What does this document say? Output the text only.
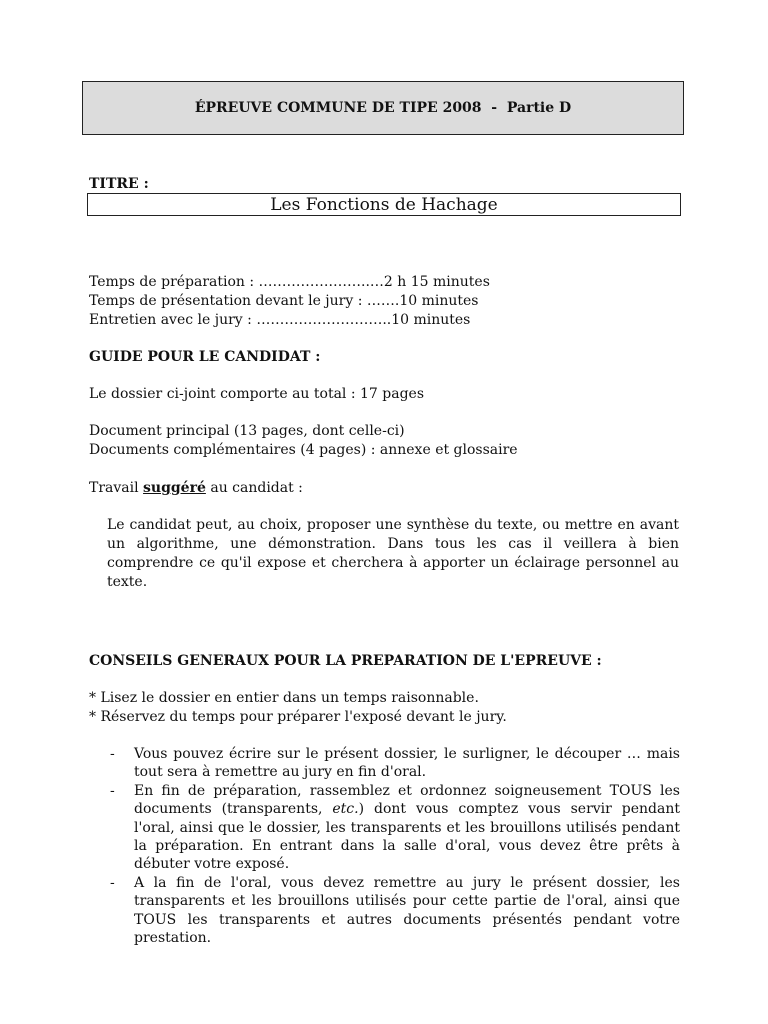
ÉPREUVE COMMUNE DE TIPE 2008  -  Partie D
TITRE :
Les Fonctions de Hachage
Temps de préparation : …………….……..…2 h 15 minutes
Temps de présentation devant le jury : …….10 minutes
Entretien avec le jury : ………………………..10 minutes
GUIDE POUR LE CANDIDAT :
Le dossier ci-joint comporte au total : 17 pages
Document principal (13 pages, dont celle-ci)
Documents complémentaires (4 pages) : annexe et glossaire
Travail suggéré au candidat :
Le candidat peut, au choix, proposer une synthèse du texte, ou mettre en avant un algorithme, une démonstration. Dans tous les cas il veillera à bien comprendre ce qu'il expose et cherchera à apporter un éclairage personnel au texte.
CONSEILS GENERAUX POUR LA PREPARATION DE L'EPREUVE :
* Lisez le dossier en entier dans un temps raisonnable.
* Réservez du temps pour préparer l'exposé devant le jury.
- Vous pouvez écrire sur le présent dossier, le surligner, le découper … mais tout sera à remettre au jury en fin d'oral.
- En fin de préparation, rassemblez et ordonnez soigneusement TOUS les documents (transparents, etc.) dont vous comptez vous servir pendant l'oral, ainsi que le dossier, les transparents et les brouillons utilisés pendant la préparation. En entrant dans la salle d'oral, vous devez être prêts à débuter votre exposé.
- A la fin de l'oral, vous devez remettre au jury le présent dossier, les transparents et les brouillons utilisés pour cette partie de l'oral, ainsi que TOUS les transparents et autres documents présentés pendant votre prestation.
